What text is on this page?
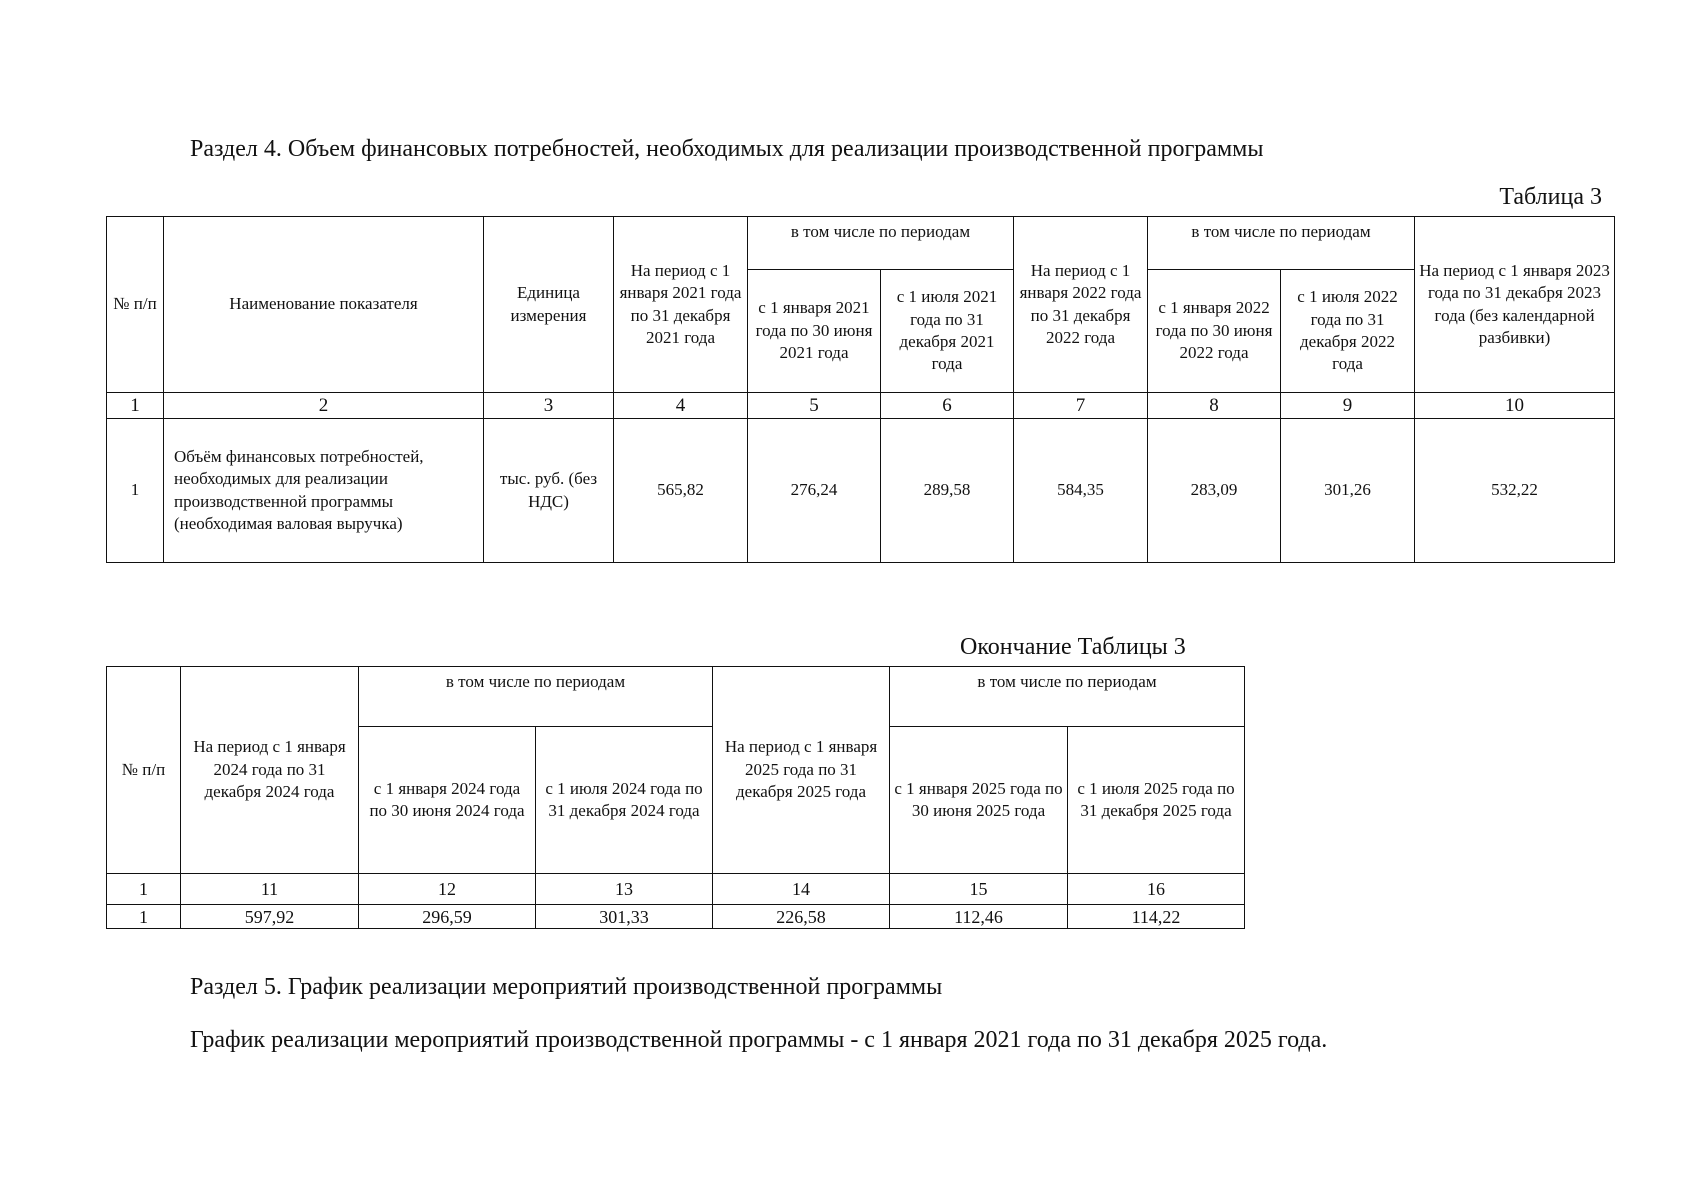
Раздел 4. Объем финансовых потребностей, необходимых для реализации производственной программы
Таблица 3
№ п/п	Наименование показателя	Единица измерения	На период с 1 января 2021 года по 31 декабря 2021 года	в том числе по периодам		На период с 1 января 2022 года по 31 декабря 2022 года	в том числе по периодам		На период с 1 января 2023 года по 31 декабря 2023 года (без календарной разбивки)
				с 1 января 2021 года по 30 июня 2021 года	с 1 июля 2021 года по 31 декабря 2021 года		с 1 января 2022 года по 30 июня 2022 года	с 1 июля 2022 года по 31 декабря 2022 года	
1	2	3	4	5	6	7	8	9	10
1	Объём финансовых потребностей, необходимых для реализации производственной программы (необходимая валовая выручка)	тыс. руб. (без НДС)	565,82	276,24	289,58	584,35	283,09	301,26	532,22
Окончание Таблицы 3
№ п/п	На период с 1 января 2024 года по 31 декабря 2024 года	в том числе по периодам		На период с 1 января 2025 года по 31 декабря 2025 года	в том числе по периодам	
		с 1 января 2024 года по 30 июня 2024 года	с 1 июля 2024 года по 31 декабря 2024 года		с 1 января 2025 года по 30 июня 2025 года	с 1 июля 2025 года по 31 декабря 2025 года
1	11	12	13	14	15	16
1	597,92	296,59	301,33	226,58	112,46	114,22
Раздел 5. График реализации мероприятий производственной программы
График реализации мероприятий производственной программы - с 1 января 2021 года по 31 декабря 2025 года.
